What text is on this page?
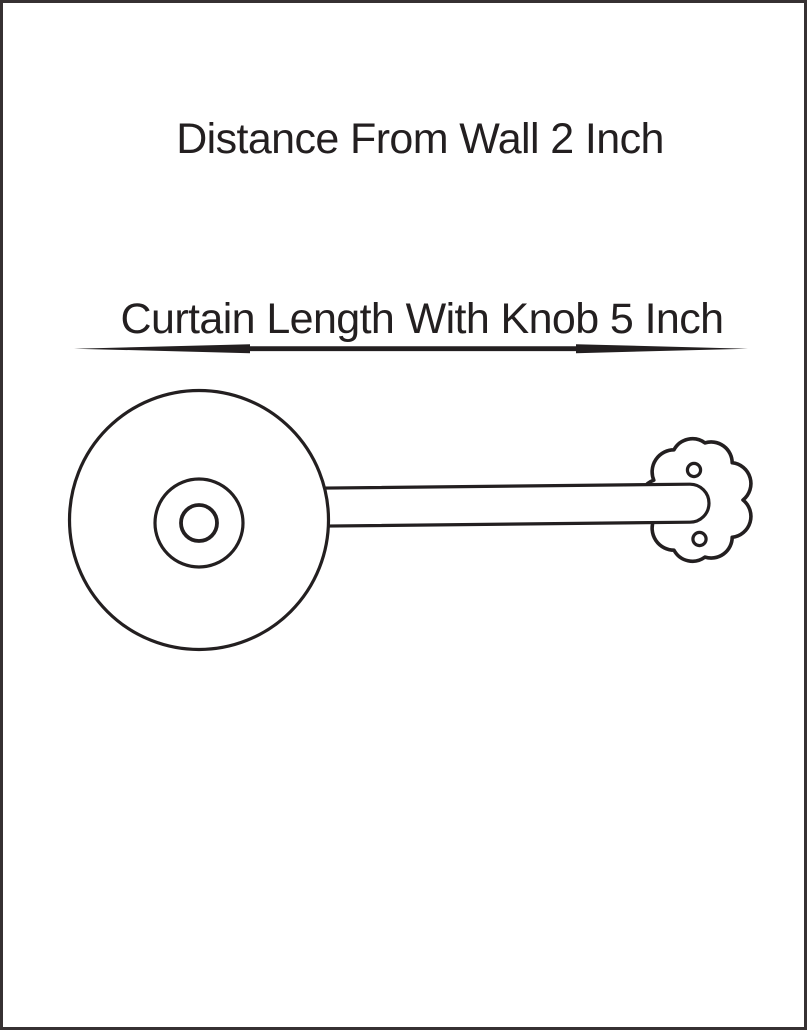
Distance From Wall 2 Inch
Curtain Length With Knob 5 Inch
